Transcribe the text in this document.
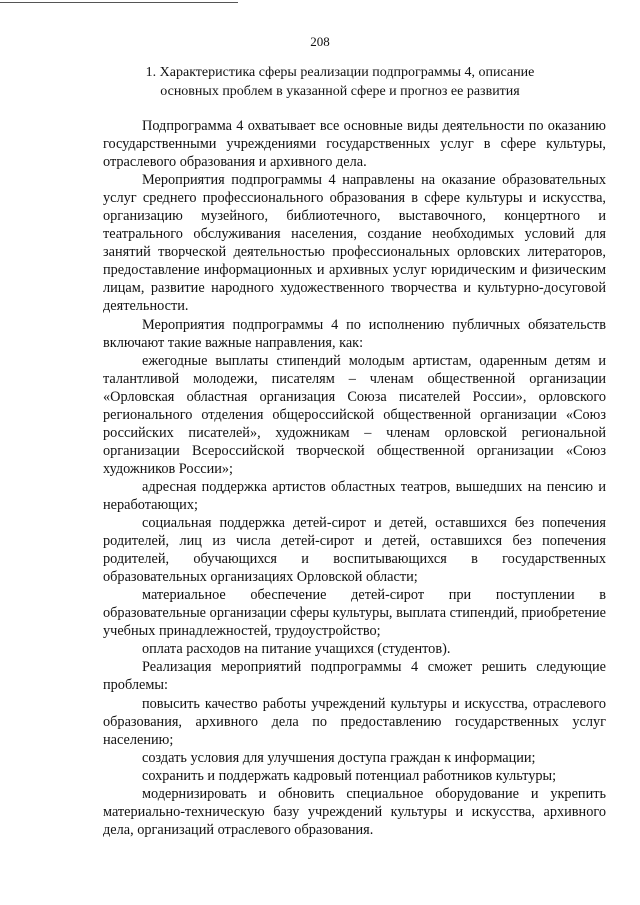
208
1. Характеристика сферы реализации подпрограммы 4, описание основных проблем в указанной сфере и прогноз ее развития

Подпрограмма 4 охватывает все основные виды деятельности по оказанию государственными учреждениями государственных услуг в сфере культуры, отраслевого образования и архивного дела.

Мероприятия подпрограммы 4 направлены на оказание образовательных услуг среднего профессионального образования в сфере культуры и искусства, организацию музейного, библиотечного, выставочного, концертного и театрального обслуживания населения, создание необходимых условий для занятий творческой деятельностью профессиональных орловских литераторов, предоставление информационных и архивных услуг юридическим и физическим лицам, развитие народного художественного творчества и культурно-досуговой деятельности.

Мероприятия подпрограммы 4 по исполнению публичных обязательств включают такие важные направления, как:

ежегодные выплаты стипендий молодым артистам, одаренным детям и талантливой молодежи, писателям – членам общественной организации «Орловская областная организация Союза писателей России», орловского регионального отделения общероссийской общественной организации «Союз российских писателей», художникам – членам орловской региональной организации Всероссийской творческой общественной организации «Союз художников России»;

адресная поддержка артистов областных театров, вышедших на пенсию и неработающих;

социальная поддержка детей-сирот и детей, оставшихся без попечения родителей, лиц из числа детей-сирот и детей, оставшихся без попечения родителей, обучающихся и воспитывающихся в государственных образовательных организациях Орловской области;

материальное обеспечение детей-сирот при поступлении в образовательные организации сферы культуры, выплата стипендий, приобретение учебных принадлежностей, трудоустройство;

оплата расходов на питание учащихся (студентов).

Реализация мероприятий подпрограммы 4 сможет решить следующие проблемы:

повысить качество работы учреждений культуры и искусства, отраслевого образования, архивного дела по предоставлению государственных услуг населению;

создать условия для улучшения доступа граждан к информации;

сохранить и поддержать кадровый потенциал работников культуры;

модернизировать и обновить специальное оборудование и укрепить материально-техническую базу учреждений культуры и искусства, архивного дела, организаций отраслевого образования.
